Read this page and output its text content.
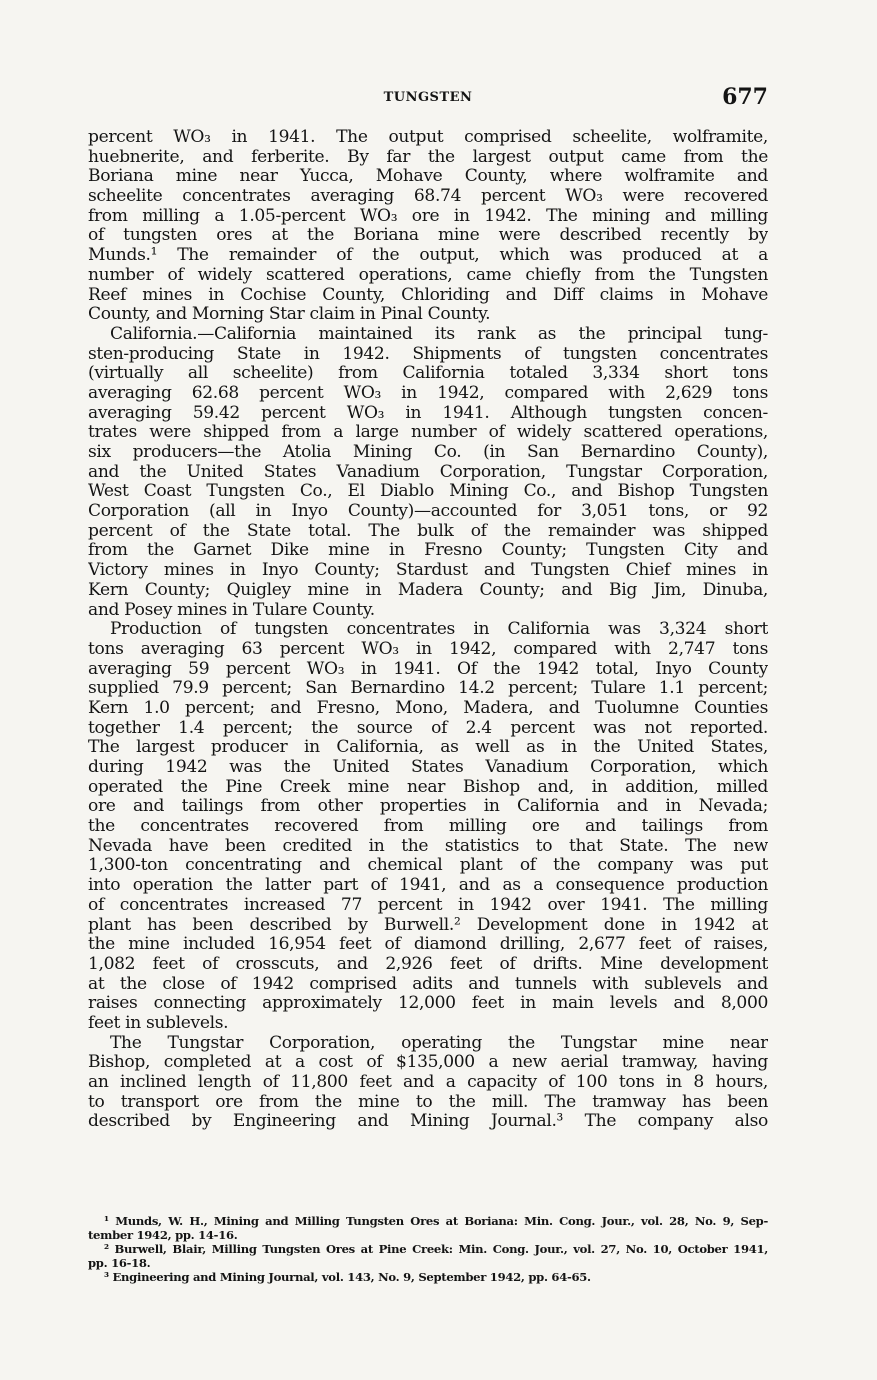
TUNGSTEN	677
percent WO₃ in 1941. The output comprised scheelite, wolframite,
huebnerite, and ferberite. By far the largest output came from the
Boriana mine near Yucca, Mohave County, where wolframite and
scheelite concentrates averaging 68.74 percent WO₃ were recovered
from milling a 1.05-percent WO₃ ore in 1942. The mining and milling
of tungsten ores at the Boriana mine were described recently by
Munds.¹ The remainder of the output, which was produced at a
number of widely scattered operations, came chiefly from the Tungsten
Reef mines in Cochise County, Chloriding and Diff claims in Mohave
County, and Morning Star claim in Pinal County.
California.—California maintained its rank as the principal tung-
sten-producing State in 1942. Shipments of tungsten concentrates
(virtually all scheelite) from California totaled 3,334 short tons
averaging 62.68 percent WO₃ in 1942, compared with 2,629 tons
averaging 59.42 percent WO₃ in 1941. Although tungsten concen-
trates were shipped from a large number of widely scattered operations,
six producers—the Atolia Mining Co. (in San Bernardino County),
and the United States Vanadium Corporation, Tungstar Corporation,
West Coast Tungsten Co., El Diablo Mining Co., and Bishop Tungsten
Corporation (all in Inyo County)—accounted for 3,051 tons, or 92
percent of the State total. The bulk of the remainder was shipped
from the Garnet Dike mine in Fresno County; Tungsten City and
Victory mines in Inyo County; Stardust and Tungsten Chief mines in
Kern County; Quigley mine in Madera County; and Big Jim, Dinuba,
and Posey mines in Tulare County.
Production of tungsten concentrates in California was 3,324 short
tons averaging 63 percent WO₃ in 1942, compared with 2,747 tons
averaging 59 percent WO₃ in 1941. Of the 1942 total, Inyo County
supplied 79.9 percent; San Bernardino 14.2 percent; Tulare 1.1 percent;
Kern 1.0 percent; and Fresno, Mono, Madera, and Tuolumne Counties
together 1.4 percent; the source of 2.4 percent was not reported.
The largest producer in California, as well as in the United States,
during 1942 was the United States Vanadium Corporation, which
operated the Pine Creek mine near Bishop and, in addition, milled
ore and tailings from other properties in California and in Nevada;
the concentrates recovered from milling ore and tailings from
Nevada have been credited in the statistics to that State. The new
1,300-ton concentrating and chemical plant of the company was put
into operation the latter part of 1941, and as a consequence production
of concentrates increased 77 percent in 1942 over 1941. The milling
plant has been described by Burwell.² Development done in 1942 at
the mine included 16,954 feet of diamond drilling, 2,677 feet of raises,
1,082 feet of crosscuts, and 2,926 feet of drifts. Mine development
at the close of 1942 comprised adits and tunnels with sublevels and
raises connecting approximately 12,000 feet in main levels and 8,000
feet in sublevels.
The Tungstar Corporation, operating the Tungstar mine near
Bishop, completed at a cost of $135,000 a new aerial tramway, having
an inclined length of 11,800 feet and a capacity of 100 tons in 8 hours,
to transport ore from the mine to the mill. The tramway has been
described by Engineering and Mining Journal.³ The company also
¹ Munds, W. H., Mining and Milling Tungsten Ores at Boriana: Min. Cong. Jour., vol. 28, No. 9, Sep-
tember 1942, pp. 14-16.
² Burwell, Blair, Milling Tungsten Ores at Pine Creek: Min. Cong. Jour., vol. 27, No. 10, October 1941,
pp. 16-18.
³ Engineering and Mining Journal, vol. 143, No. 9, September 1942, pp. 64-65.
